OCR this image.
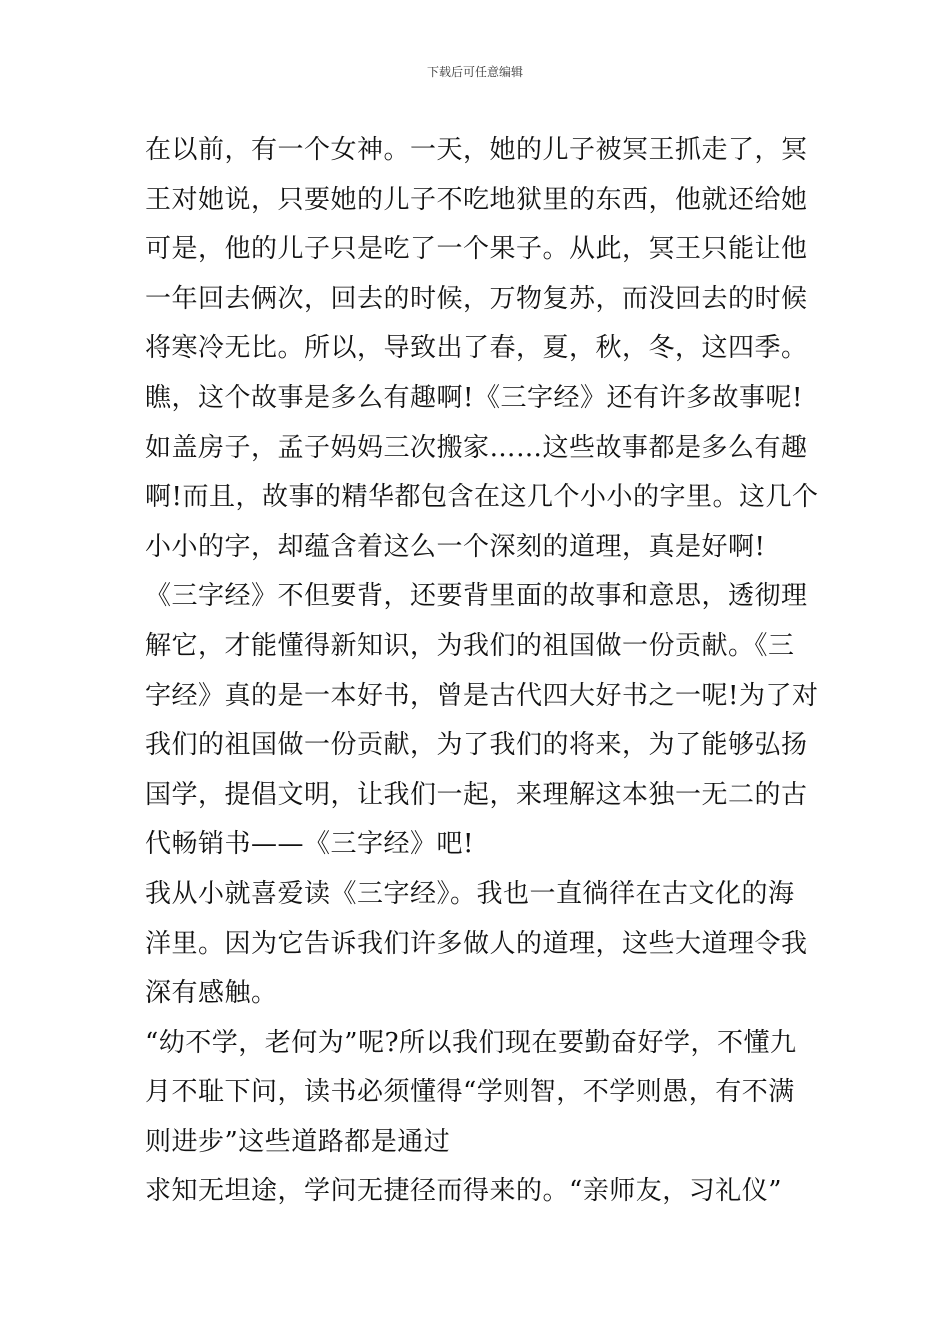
下载后可任意编辑
在以前，有一个女神。一天，她的儿子被冥王抓走了，冥
王对她说，只要她的儿子不吃地狱里的东西，他就还给她
可是，他的儿子只是吃了一个果子。从此，冥王只能让他
一年回去俩次，回去的时候，万物复苏，而没回去的时候
将寒冷无比。所以，导致出了春，夏，秋，冬，这四季。
瞧，这个故事是多么有趣啊!《三字经》还有许多故事呢!
如盖房子，孟子妈妈三次搬家……这些故事都是多么有趣
啊!而且，故事的精华都包含在这几个小小的字里。这几个
小小的字，却蕴含着这么一个深刻的道理，真是好啊!
《三字经》不但要背，还要背里面的故事和意思，透彻理
解它，才能懂得新知识，为我们的祖国做一份贡献。《三
字经》真的是一本好书，曾是古代四大好书之一呢!为了对
我们的祖国做一份贡献，为了我们的将来，为了能够弘扬
国学，提倡文明，让我们一起，来理解这本独一无二的古
代畅销书——《三字经》吧!
我从小就喜爱读《三字经》。我也一直徜徉在古文化的海
洋里。因为它告诉我们许多做人的道理，这些大道理令我
深有感触。
“幼不学，老何为”呢?所以我们现在要勤奋好学，不懂九
月不耻下问，读书必须懂得“学则智，不学则愚，有不满
则进步”这些道路都是通过
求知无坦途，学问无捷径而得来的。“亲师友，习礼仪”
